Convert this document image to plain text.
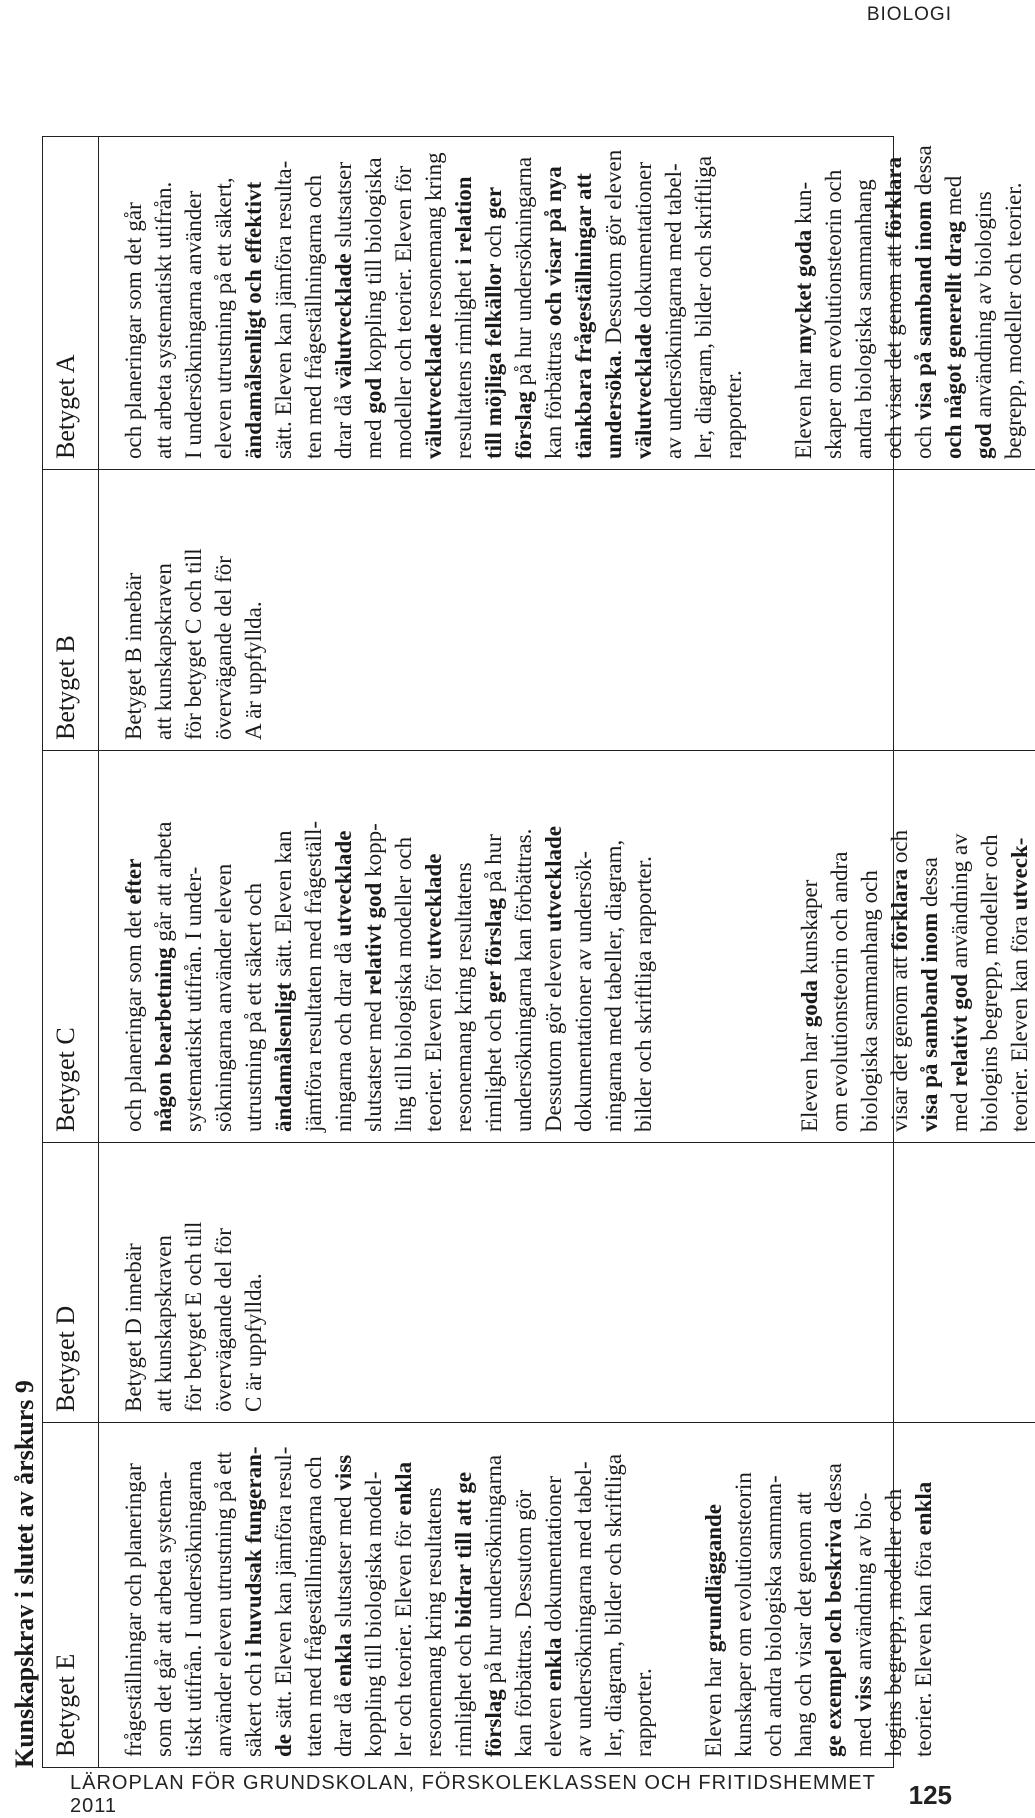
BIOLOGI
Kunskapskrav i slutet av årskurs 9 Betyget E
Betyget D
Betyget C
Betyget B
Betyget A

frågeställningar och planeringar
som det går att arbeta systema-
tiskt utifrån. I undersökningarna
använder eleven utrustning på ett
säkert och i huvudsak fungeran-
de sätt. Eleven kan jämföra resul-
taten med frågeställningarna och
drar då enkla slutsatser med viss
koppling till biologiska model-
ler och teorier. Eleven för enkla
resonemang kring resultatens
rimlighet och bidrar till att ge
förslag på hur undersökningarna
kan förbättras. Dessutom gör
eleven enkla dokumentationer
av undersökningarna med tabel-
ler, diagram, bilder och skriftliga
rapporter. Eleven har grundläggande
kunskaper om evolutionsteorin
och andra biologiska samman-
hang och visar det genom att
ge exempel och beskriva dessa
med viss användning av bio-
logins begrepp, modeller och
teorier. Eleven kan föra enkla

Betyget D innebär
att kunskapskraven
för betyget E och till
övervägande del för
C är uppfyllda.

och planeringar som det efter
någon bearbetning går att arbeta
systematiskt utifrån. I under-
sökningarna använder eleven
utrustning på ett säkert och
ändamålsenligt sätt. Eleven kan
jämföra resultaten med frågeställ-
ningarna och drar då utvecklade
slutsatser med relativt god kopp-
ling till biologiska modeller och
teorier. Eleven för utvecklade
resonemang kring resultatens
rimlighet och ger förslag på hur
undersökningarna kan förbättras.
Dessutom gör eleven utvecklade
dokumentationer av undersök-
ningarna med tabeller, diagram,
bilder och skriftliga rapporter.

Eleven har goda kunskaper
om evolutionsteorin och andra
biologiska sammanhang och
visar det genom att förklara och
visa på samband inom dessa
med relativt god användning av
biologins begrepp, modeller och
teorier. Eleven kan föra utveck-

Betyget B innebär
att kunskapskraven
för betyget C och till
övervägande del för
A är uppfyllda.

och planeringar som det går
att arbeta systematiskt utifrån.
I undersökningarna använder
eleven utrustning på ett säkert,
ändamålsenligt och effektivt
sätt. Eleven kan jämföra resulta-
ten med frågeställningarna och
drar då välutvecklade slutsatser
med god koppling till biologiska
modeller och teorier. Eleven för
välutvecklade resonemang kring
resultatens rimlighet i relation
till möjliga felkällor och ger
förslag på hur undersökningarna
kan förbättras och visar på nya
tänkbara frågeställningar att
undersöka. Dessutom gör eleven
välutvecklade dokumentationer
av undersökningarna med tabel-
ler, diagram, bilder och skriftliga
rapporter. Eleven har mycket goda kun-
skaper om evolutionsteorin och
andra biologiska sammanhang
och visar det genom att förklara
och visa på samband inom dessa
och något generellt drag med
god användning av biologins
begrepp, modeller och teorier.

LÄROPLAN FÖR GRUNDSKOLAN, FÖRSKOLEKLASSEN OCH FRITIDSHEMMET 2011	125
